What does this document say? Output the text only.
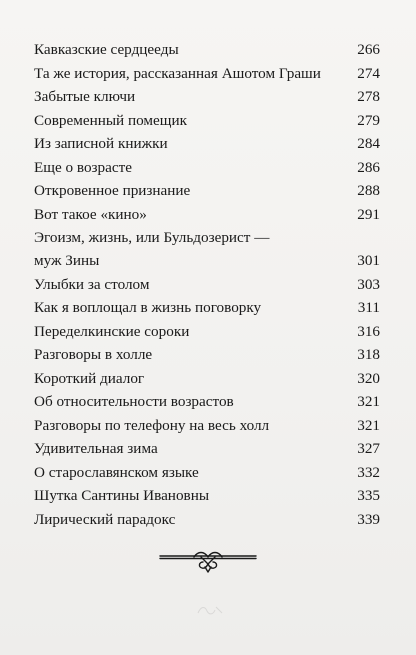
Кавказские сердцееды	266
Та же история, рассказанная Ашотом Граши 274
Забытые ключи	278
Современный помещик	279
Из записной книжки	284
Еще о возрасте	286
Откровенное признание	288
Вот такое «кино»	291
Эгоизм, жизнь, или Бульдозерист —
муж Зины	301
Улыбки за столом	303
Как я воплощал в жизнь поговорку	311
Переделкинские сороки	316
Разговоры в холле	318
Короткий диалог	320
Об относительности возрастов	321
Разговоры по телефону на весь холл	321
Удивительная зима	327
О старославянском языке	332
Шутка Сантины Ивановны	335
Лирический парадокс	339
